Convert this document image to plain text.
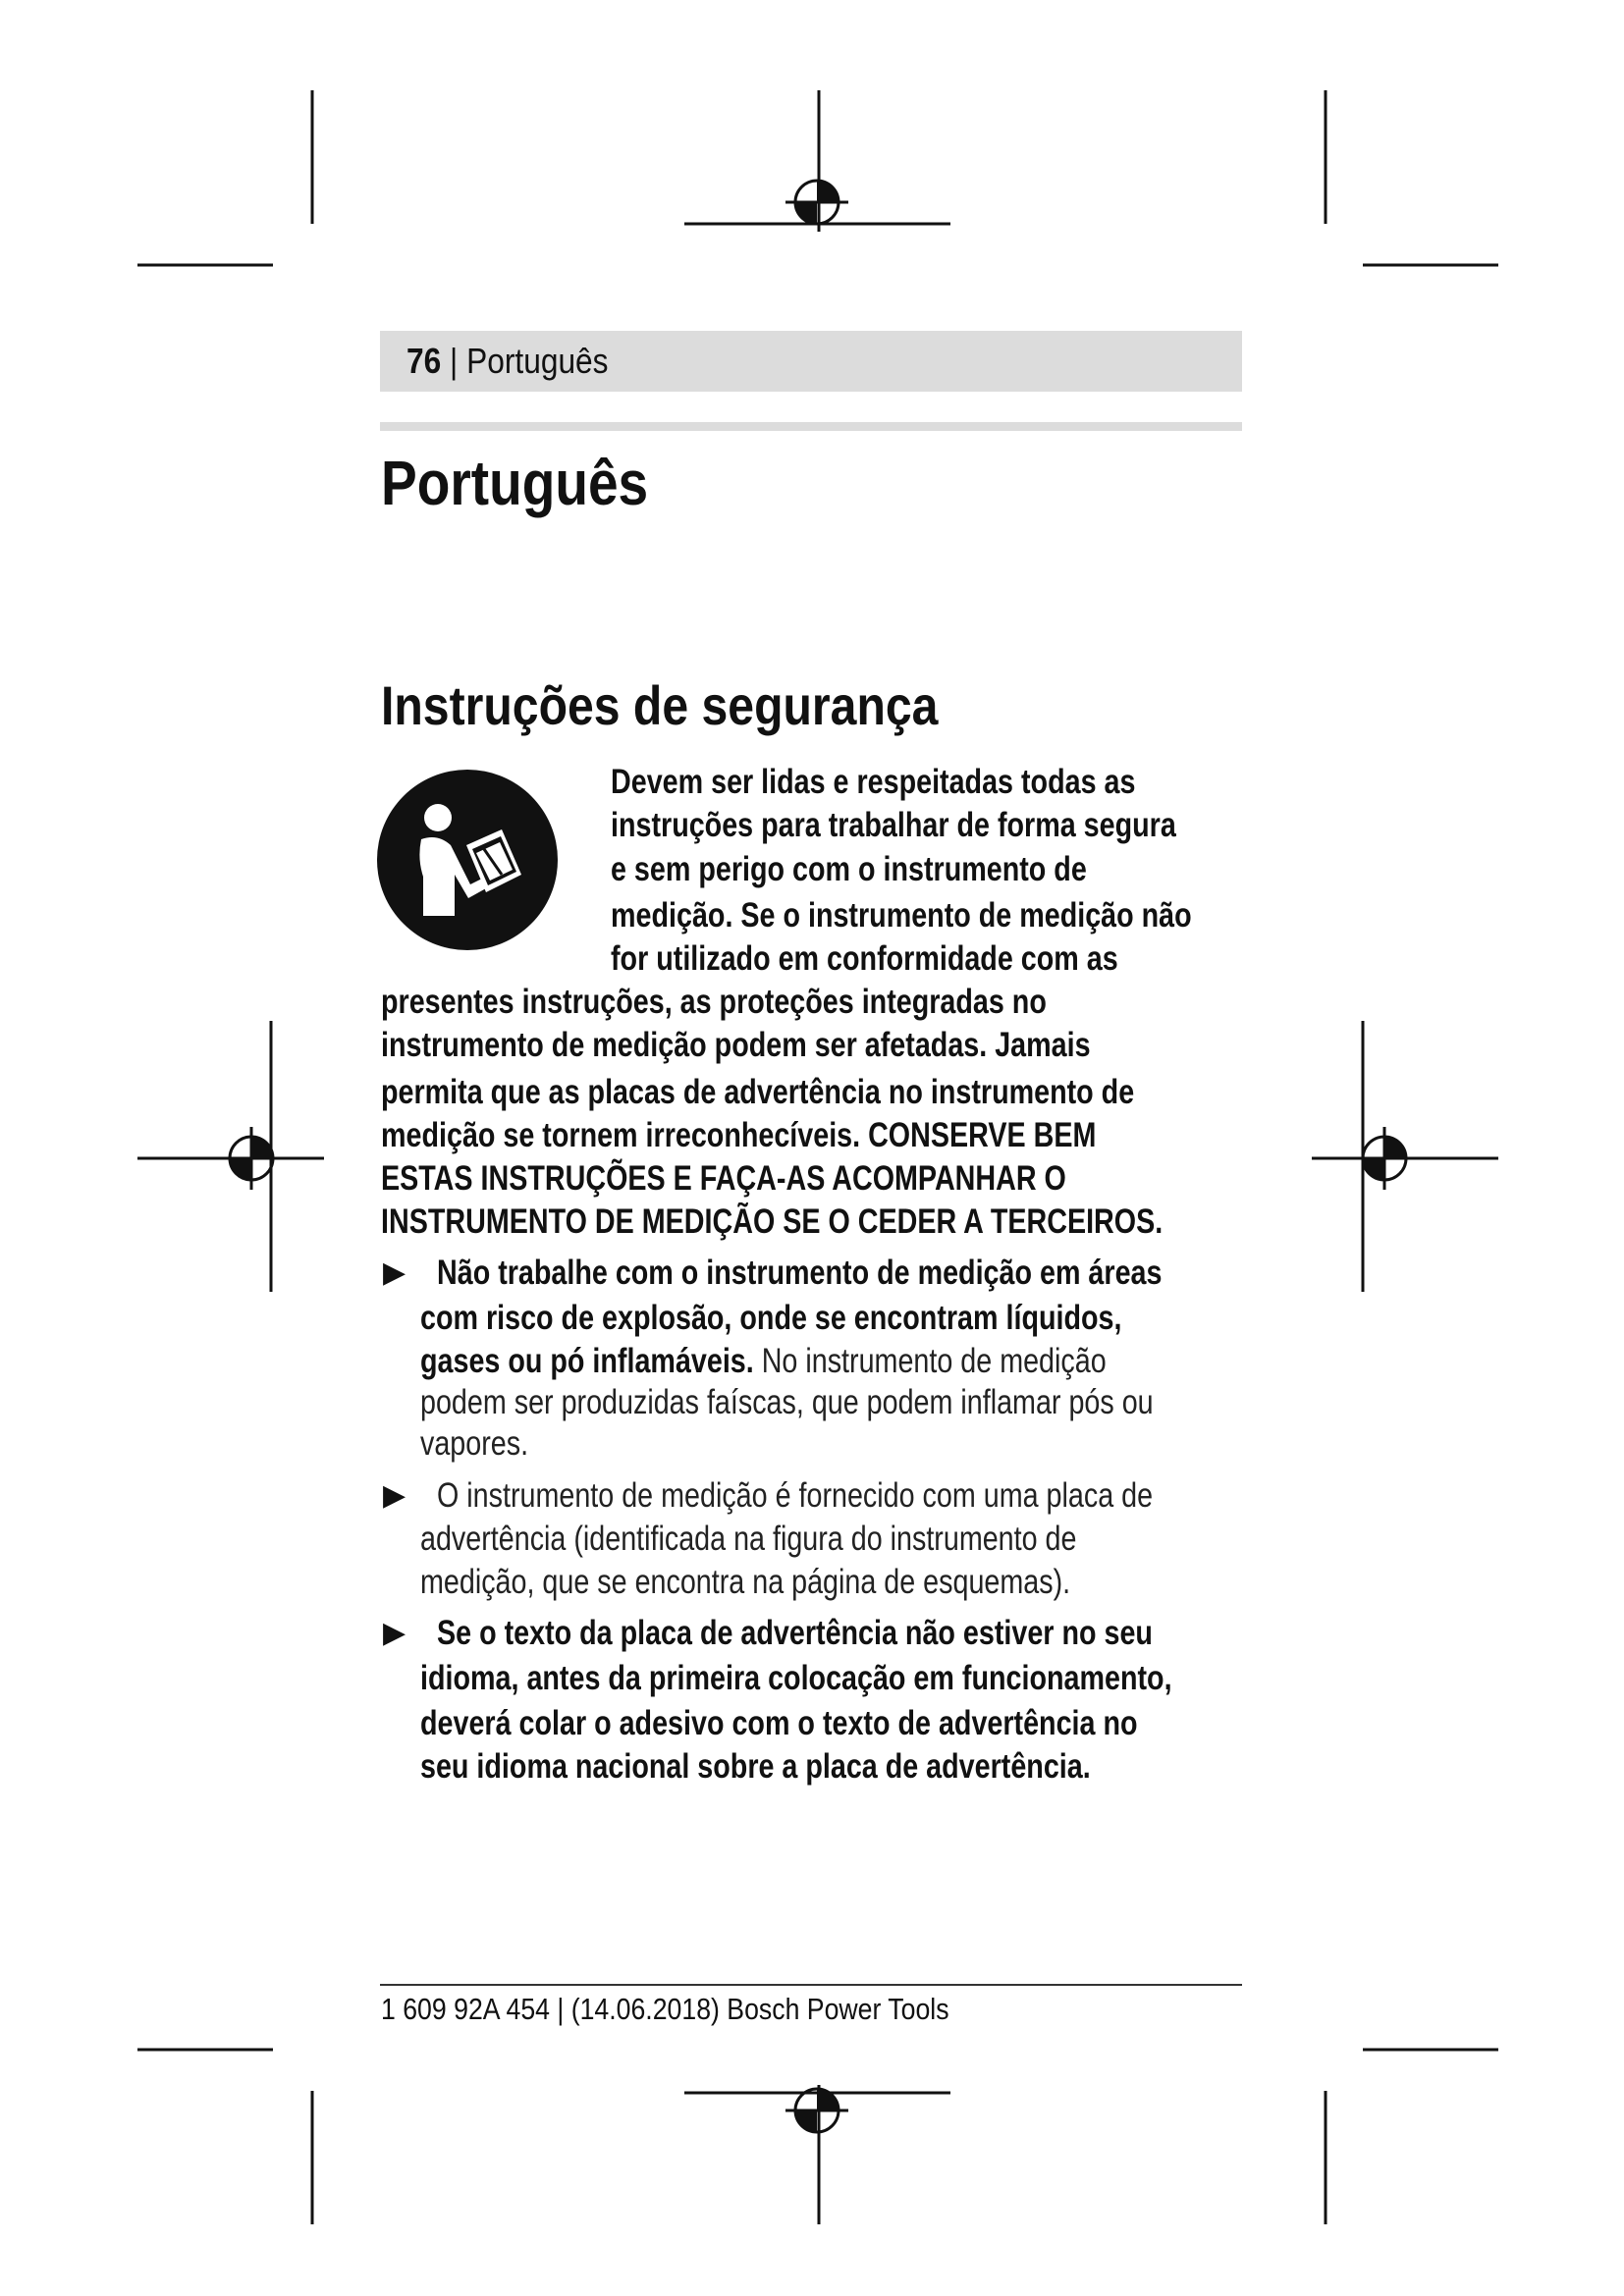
76 | Português
Português
Instruções de segurança
Devem ser lidas e respeitadas todas as
instruções para trabalhar de forma segura
e sem perigo com o instrumento de
medição. Se o instrumento de medição não
for utilizado em conformidade com as
presentes instruções, as proteções integradas no
instrumento de medição podem ser afetadas. Jamais
permita que as placas de advertência no instrumento de
medição se tornem irreconhecíveis. CONSERVE BEM
ESTAS INSTRUÇÕES E FAÇA-AS ACOMPANHAR O
INSTRUMENTO DE MEDIÇÃO SE O CEDER A TERCEIROS.
▶ Não trabalhe com o instrumento de medição em áreas
com risco de explosão, onde se encontram líquidos,
gases ou pó inflamáveis. No instrumento de medição
podem ser produzidas faíscas, que podem inflamar pós ou
vapores.
▶ O instrumento de medição é fornecido com uma placa de
advertência (identificada na figura do instrumento de
medição, que se encontra na página de esquemas).
▶ Se o texto da placa de advertência não estiver no seu
idioma, antes da primeira colocação em funcionamento,
deverá colar o adesivo com o texto de advertência no
seu idioma nacional sobre a placa de advertência.
1 609 92A 454 | (14.06.2018) Bosch Power Tools
